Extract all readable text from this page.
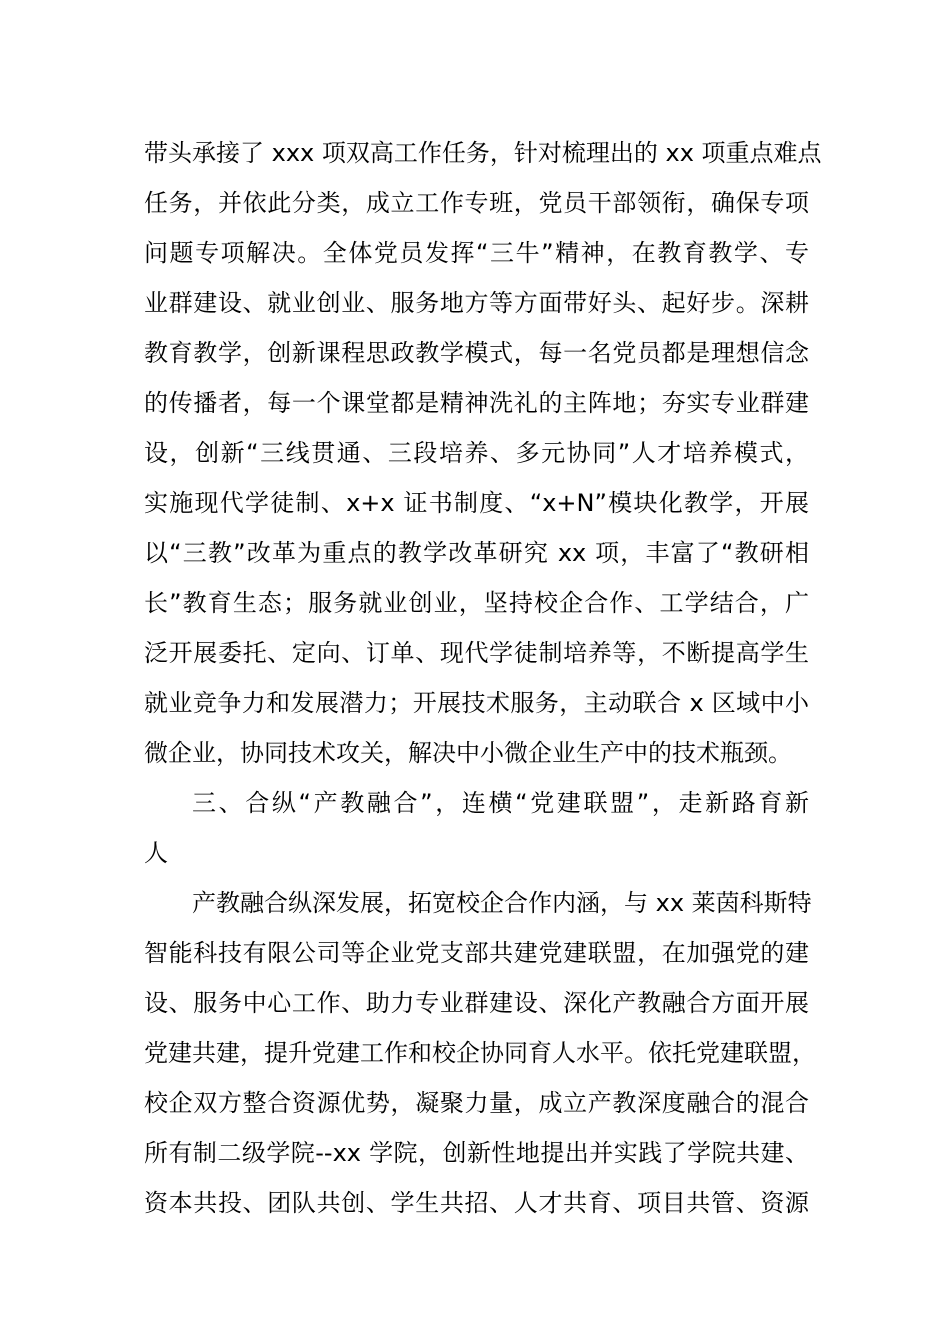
带头承接了 xxx 项双高工作任务，针对梳理出的 xx 项重点难点
任务，并依此分类，成立工作专班，党员干部领衔，确保专项
问题专项解决。全体党员发挥“三牛”精神，在教育教学、专
业群建设、就业创业、服务地方等方面带好头、起好步。深耕
教育教学，创新课程思政教学模式，每一名党员都是理想信念
的传播者，每一个课堂都是精神洗礼的主阵地；夯实专业群建
设，创新“三线贯通、三段培养、多元协同”人才培养模式，
实施现代学徒制、x+x 证书制度、“x+N”模块化教学，开展
以“三教”改革为重点的教学改革研究 xx 项，丰富了“教研相
长”教育生态；服务就业创业，坚持校企合作、工学结合，广
泛开展委托、定向、订单、现代学徒制培养等，不断提高学生
就业竞争力和发展潜力；开展技术服务，主动联合 x 区域中小
微企业，协同技术攻关，解决中小微企业生产中的技术瓶颈。
三、合纵“产教融合”，连横“党建联盟”，走新路育新
人
产教融合纵深发展，拓宽校企合作内涵，与 xx 莱茵科斯特
智能科技有限公司等企业党支部共建党建联盟，在加强党的建
设、服务中心工作、助力专业群建设、深化产教融合方面开展
党建共建，提升党建工作和校企协同育人水平。依托党建联盟，
校企双方整合资源优势，凝聚力量，成立产教深度融合的混合
所有制二级学院--xx 学院，创新性地提出并实践了学院共建、
资本共投、团队共创、学生共招、人才共育、项目共管、资源
